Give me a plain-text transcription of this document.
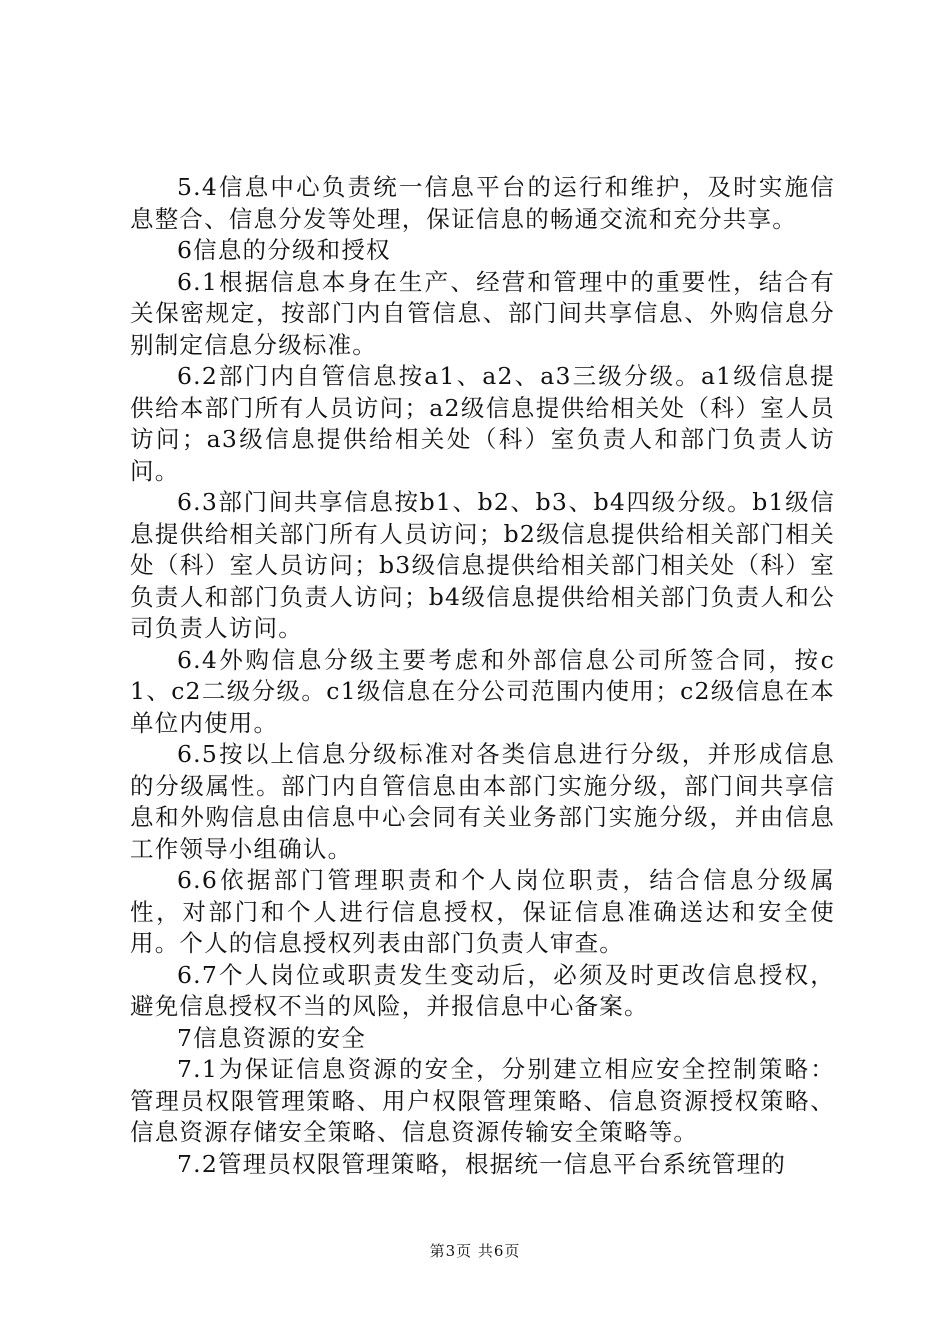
5.4信息中心负责统一信息平台的运行和维护，及时实施信息整合、信息分发等处理，保证信息的畅通交流和充分共享。

6信息的分级和授权

6.1根据信息本身在生产、经营和管理中的重要性，结合有关保密规定，按部门内自管信息、部门间共享信息、外购信息分别制定信息分级标准。

6.2部门内自管信息按a1、a2、a3三级分级。a1级信息提供给本部门所有人员访问；a2级信息提供给相关处（科）室人员访问；a3级信息提供给相关处（科）室负责人和部门负责人访问。

6.3部门间共享信息按b1、b2、b3、b4四级分级。b1级信息提供给相关部门所有人员访问；b2级信息提供给相关部门相关处（科）室人员访问；b3级信息提供给相关部门相关处（科）室负责人和部门负责人访问；b4级信息提供给相关部门负责人和公司负责人访问。

6.4外购信息分级主要考虑和外部信息公司所签合同，按c1、c2二级分级。c1级信息在分公司范围内使用；c2级信息在本单位内使用。

6.5按以上信息分级标准对各类信息进行分级，并形成信息的分级属性。部门内自管信息由本部门实施分级，部门间共享信息和外购信息由信息中心会同有关业务部门实施分级，并由信息工作领导小组确认。

6.6依据部门管理职责和个人岗位职责，结合信息分级属性，对部门和个人进行信息授权，保证信息准确送达和安全使用。个人的信息授权列表由部门负责人审查。

6.7个人岗位或职责发生变动后，必须及时更改信息授权，避免信息授权不当的风险，并报信息中心备案。

7信息资源的安全

7.1为保证信息资源的安全，分别建立相应安全控制策略：管理员权限管理策略、用户权限管理策略、信息资源授权策略、信息资源存储安全策略、信息资源传输安全策略等。

7.2管理员权限管理策略，根据统一信息平台系统管理的

第3页 共6页
